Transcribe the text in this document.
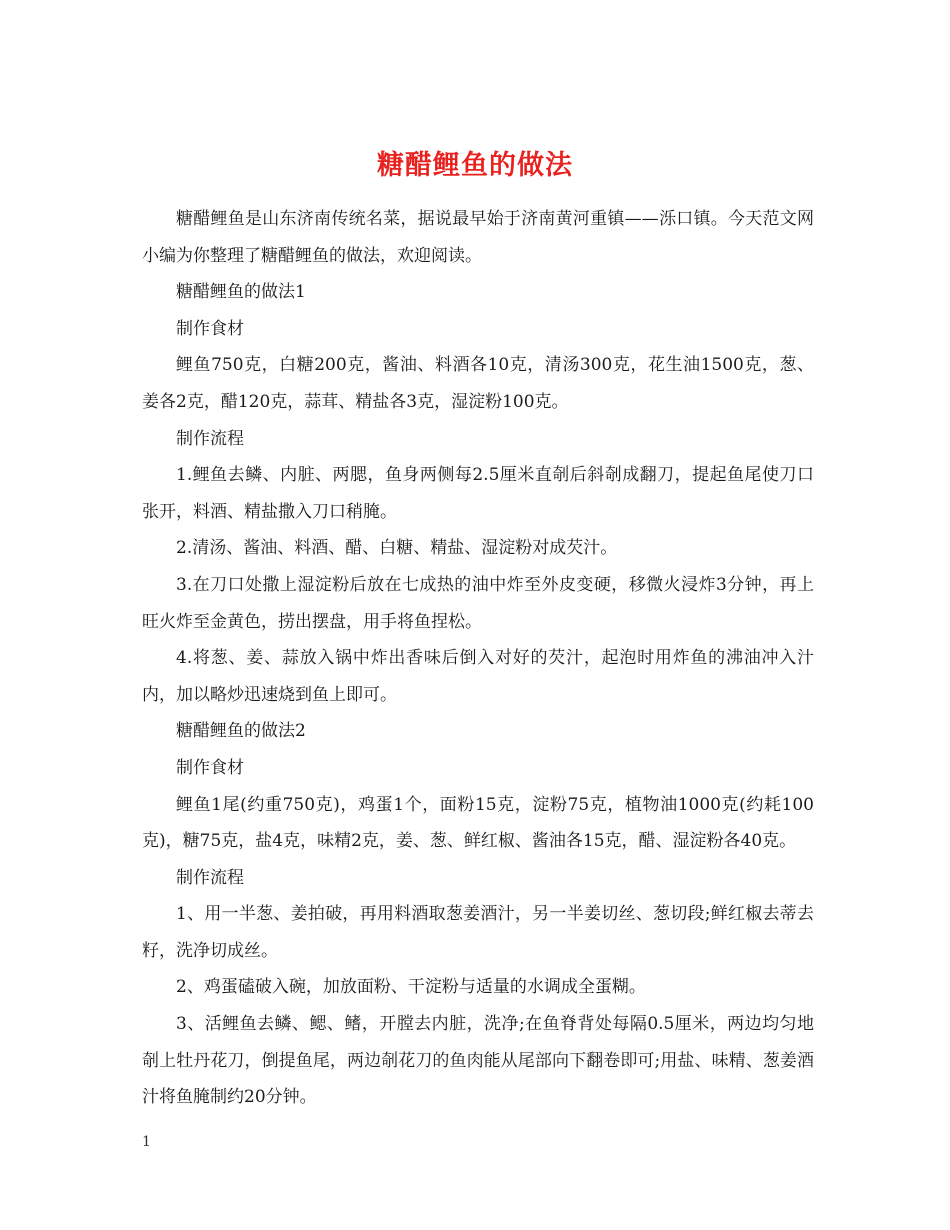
糖醋鲤鱼的做法

糖醋鲤鱼是山东济南传统名菜，据说最早始于济南黄河重镇——泺口镇。今天范文网小编为你整理了糖醋鲤鱼的做法，欢迎阅读。

糖醋鲤鱼的做法1

制作食材

鲤鱼750克，白糖200克，酱油、料酒各10克，清汤300克，花生油1500克，葱、姜各2克，醋120克，蒜茸、精盐各3克，湿淀粉100克。

制作流程

1.鲤鱼去鳞、内脏、两腮，鱼身两侧每2.5厘米直剞后斜剞成翻刀，提起鱼尾使刀口张开，料酒、精盐撒入刀口稍腌。

2.清汤、酱油、料酒、醋、白糖、精盐、湿淀粉对成芡汁。

3.在刀口处撒上湿淀粉后放在七成热的油中炸至外皮变硬，移微火浸炸3分钟，再上旺火炸至金黄色，捞出摆盘，用手将鱼捏松。

4.将葱、姜、蒜放入锅中炸出香味后倒入对好的芡汁，起泡时用炸鱼的沸油冲入汁内，加以略炒迅速烧到鱼上即可。

糖醋鲤鱼的做法2

制作食材

鲤鱼1尾(约重750克)，鸡蛋1个，面粉15克，淀粉75克，植物油1000克(约耗100克)，糖75克，盐4克，味精2克，姜、葱、鲜红椒、酱油各15克，醋、湿淀粉各40克。

制作流程

1、用一半葱、姜拍破，再用料酒取葱姜酒汁，另一半姜切丝、葱切段;鲜红椒去蒂去籽，洗净切成丝。

2、鸡蛋磕破入碗，加放面粉、干淀粉与适量的水调成全蛋糊。

3、活鲤鱼去鳞、鳃、鳍，开膛去内脏，洗净;在鱼脊背处每隔0.5厘米，两边均匀地剞上牡丹花刀，倒提鱼尾，两边剞花刀的鱼肉能从尾部向下翻卷即可;用盐、味精、葱姜酒汁将鱼腌制约20分钟。

1
